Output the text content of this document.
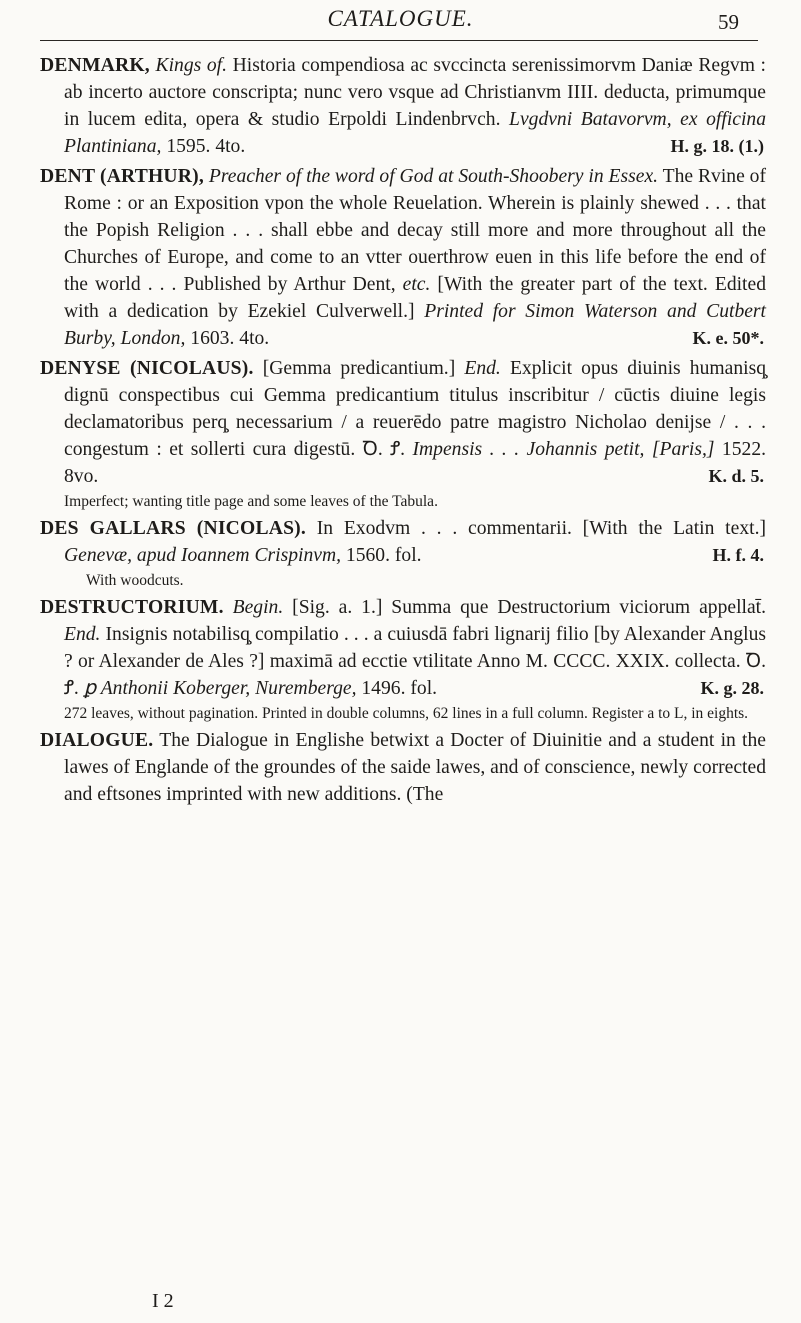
CATALOGUE.	59

DENMARK, Kings of. Historia compendiosa ac svccincta serenissimorvm Daniæ Regvm : ab incerto auctore conscripta; nunc vero vsque ad Christianvm IIII. deducta, primumque in lucem edita, opera & studio Erpoldi Lindenbrvch. Lvgdvni Batavorvm, ex officina Plantiniana, 1595. 4to.	H. g. 18. (1.)

DENT (ARTHUR), Preacher of the word of God at South-Shoobery in Essex. The Rvine of Rome : or an Exposition vpon the whole Reuelation. Wherein is plainly shewed . . . that the Popish Religion . . . shall ebbe and decay still more and more throughout all the Churches of Europe, and come to an vtter ouerthrow euen in this life before the end of the world . . . Published by Arthur Dent, etc. [With the greater part of the text. Edited with a dedication by Ezekiel Culverwell.] Printed for Simon Waterson and Cutbert Burby, London, 1603. 4to.	K. e. 50*.

DENYSE (NICOLAUS). [Gemma predicantium.] End. Explicit opus diuinis humanisq̧ dignū conspectibus cui Gemma predicantium titulus inscribitur / cūctis diuine legis declamatoribus perq̧ necessarium / a reuerēdo patre magistro Nicholao denijse / . . . congestum : et sollerti cura digestū. Ꝺ. Ꝭ. Impensis . . . Johannis petit, [Paris,] 1522. 8vo.	K. d. 5.

Imperfect; wanting title page and some leaves of the Tabula.

DES GALLARS (NICOLAS). In Exodvm . . . commentarii. [With the Latin text.] Genevæ, apud Ioannem Crispinvm, 1560. fol.	H. f. 4.

With woodcuts.

DESTRUCTORIUM. Begin. [Sig. a. 1.] Summa que Destructorium viciorum appellat̄. End. Insignis notabilisq̧ compilatio . . . a cuiusdā fabri lignarij filio [by Alexander Anglus ? or Alexander de Ales ?] maximā ad ecctie vtilitate Anno M. CCCC. XXIX. collecta. Ꝺ. Ꝭ. ꝑ Anthonii Koberger, Nuremberge, 1496. fol.	K. g. 28.

272 leaves, without pagination. Printed in double columns, 62 lines in a full column. Register a to L, in eights.

DIALOGUE. The Dialogue in Englishe betwixt a Docter of Diuinitie and a student in the lawes of Englande of the groundes of the saide lawes, and of conscience, newly corrected and eftsones imprinted with new additions. (The

I 2
